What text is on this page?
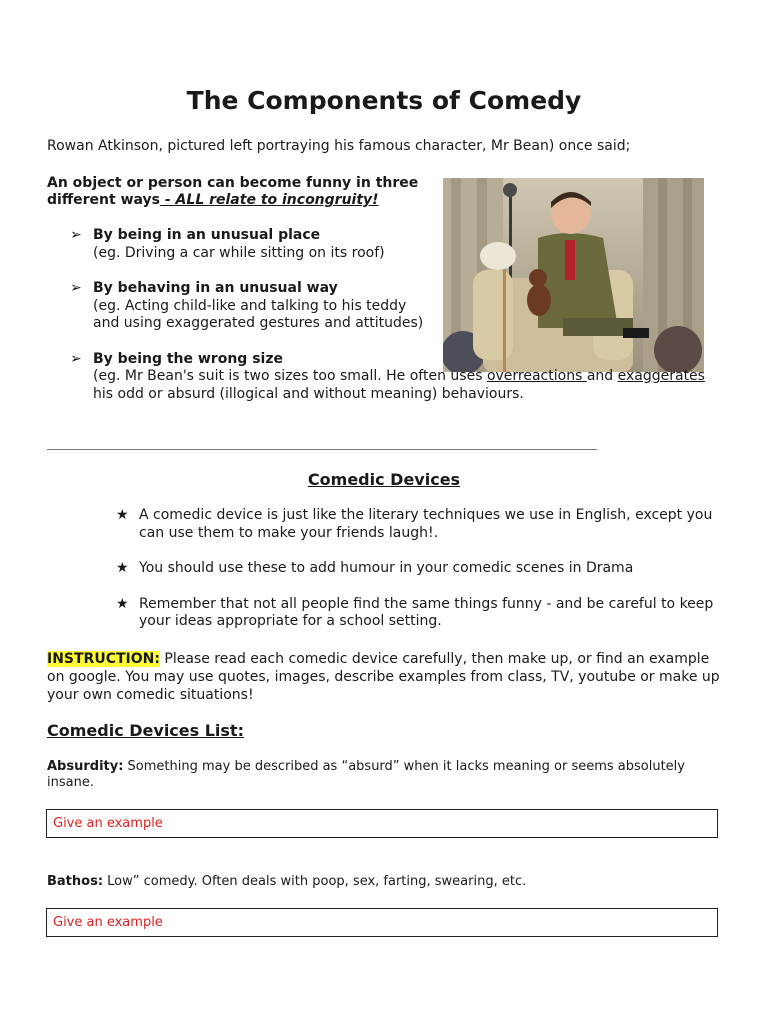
The Components of Comedy
Rowan Atkinson, pictured left portraying his famous character, Mr Bean) once said;
An object or person can become funny in three different ways - ALL relate to incongruity!
➢ By being in an unusual place
(eg. Driving a car while sitting on its roof)
➢ By behaving in an unusual way
(eg. Acting child-like and talking to his teddy and using exaggerated gestures and attitudes)
➢ By being the wrong size
(eg. Mr Bean's suit is two sizes too small. He often uses overreactions and exaggerates his odd or absurd (illogical and without meaning) behaviours.
Comedic Devices
★ A comedic device is just like the literary techniques we use in English, except you can use them to make your friends laugh!.
★ You should use these to add humour in your comedic scenes in Drama
★ Remember that not all people find the same things funny - and be careful to keep your ideas appropriate for a school setting.
INSTRUCTION: Please read each comedic device carefully, then make up, or find an example on google. You may use quotes, images, describe examples from class, TV, youtube or make up your own comedic situations!
Comedic Devices List:
Absurdity: Something may be described as “absurd” when it lacks meaning or seems absolutely insane.
Give an example
Bathos: Low” comedy. Often deals with poop, sex, farting, swearing, etc.
Give an example
